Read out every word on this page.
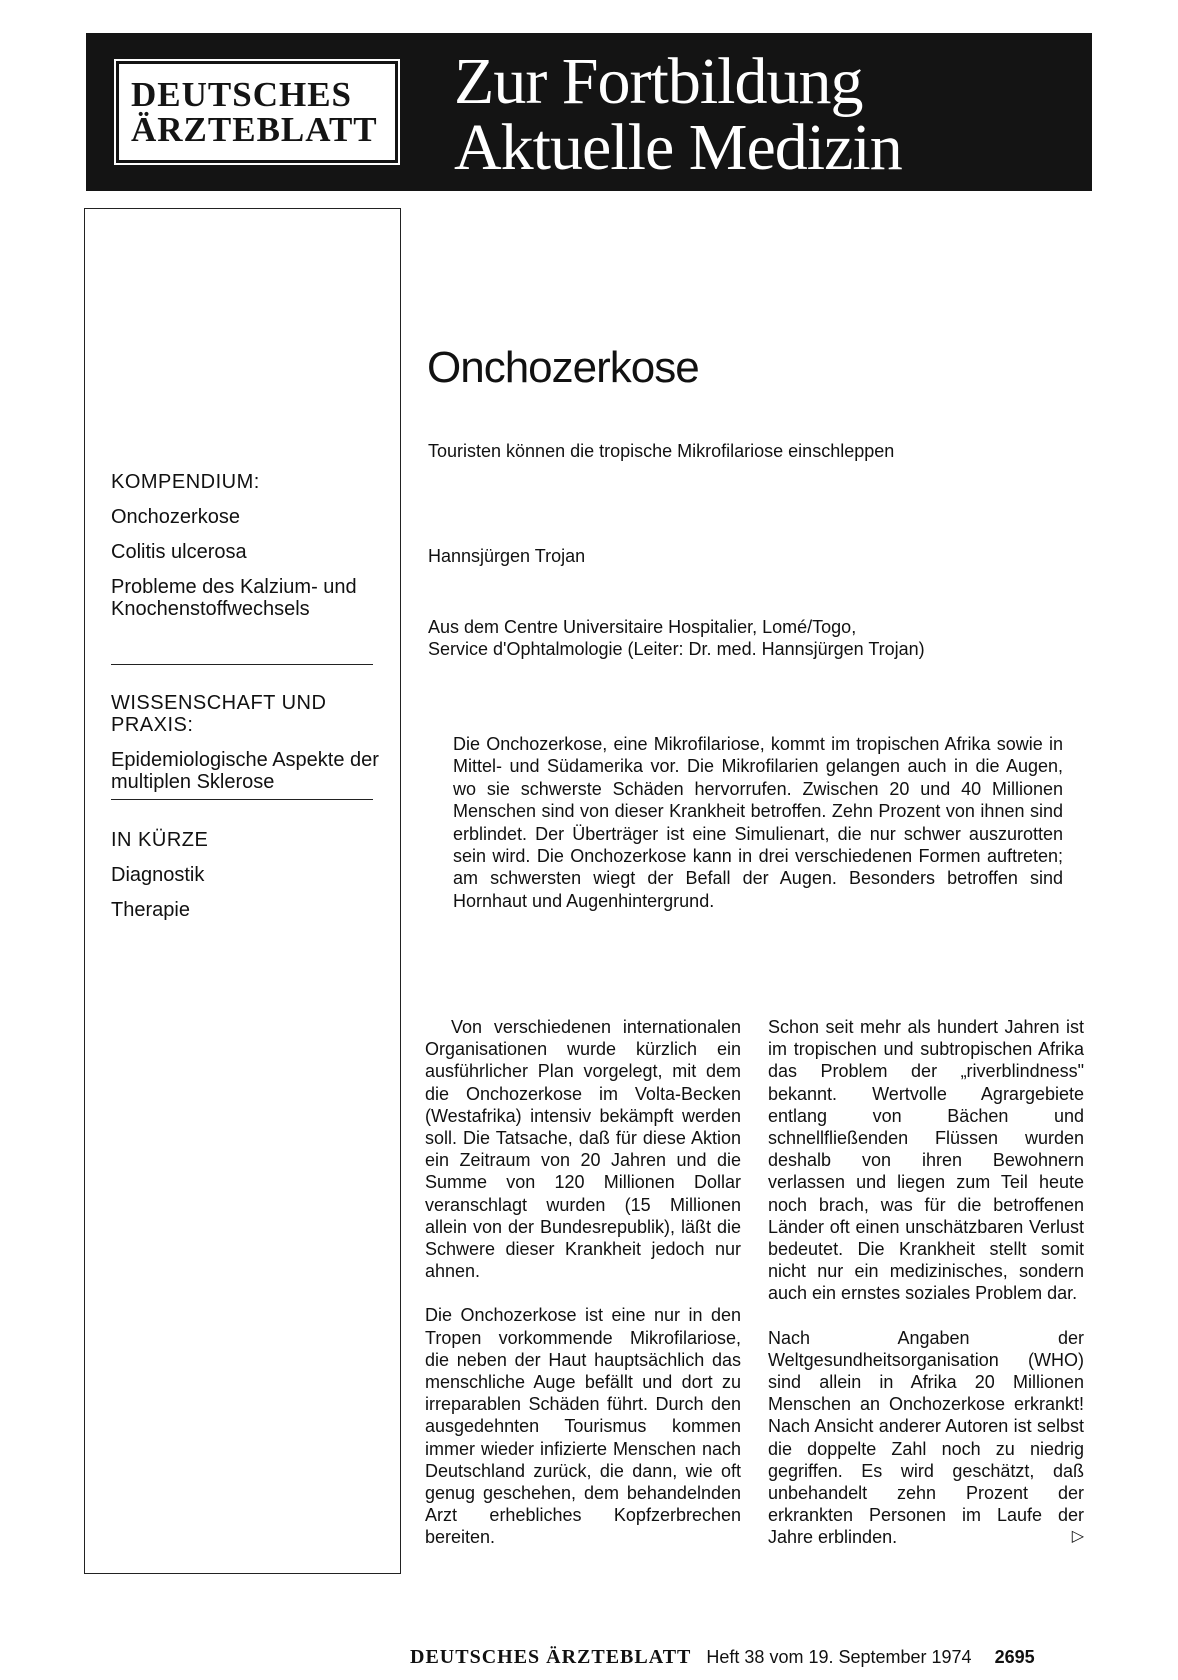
DEUTSCHES
ÄRZTEBLATT
Zur Fortbildung
Aktuelle Medizin
KOMPENDIUM:
Onchozerkose
Colitis ulcerosa
Probleme des Kalzium- und Knochenstoffwechsels
WISSENSCHAFT UND PRAXIS:
Epidemiologische Aspekte der multiplen Sklerose
IN KÜRZE
Diagnostik
Therapie
Onchozerkose
Touristen können die tropische Mikrofilariose einschleppen
Hannsjürgen Trojan
Aus dem Centre Universitaire Hospitalier, Lomé/Togo,
Service d'Ophtalmologie (Leiter: Dr. med. Hannsjürgen Trojan)
Die Onchozerkose, eine Mikrofilariose, kommt im tropischen Afrika sowie in Mittel- und Südamerika vor. Die Mikrofilarien gelangen auch in die Augen, wo sie schwerste Schäden hervorrufen. Zwischen 20 und 40 Millionen Menschen sind von dieser Krankheit betroffen. Zehn Prozent von ihnen sind erblindet. Der Überträger ist eine Simulienart, die nur schwer auszurotten sein wird. Die Onchozerkose kann in drei verschiedenen Formen auftreten; am schwersten wiegt der Befall der Augen. Besonders betroffen sind Hornhaut und Augenhintergrund.

Von verschiedenen internationalen Organisationen wurde kürzlich ein ausführlicher Plan vorgelegt, mit dem die Onchozerkose im Volta-Becken (Westafrika) intensiv bekämpft werden soll. Die Tatsache, daß für diese Aktion ein Zeitraum von 20 Jahren und die Summe von 120 Millionen Dollar veranschlagt wurden (15 Millionen allein von der Bundesrepublik), läßt die Schwere dieser Krankheit jedoch nur ahnen.

Die Onchozerkose ist eine nur in den Tropen vorkommende Mikrofilariose, die neben der Haut hauptsächlich das menschliche Auge befällt und dort zu irreparablen Schäden führt. Durch den ausgedehnten Tourismus kommen immer wieder infizierte Menschen nach Deutschland zurück, die dann, wie oft genug geschehen, dem behandelnden Arzt erhebliches Kopfzerbrechen bereiten.

Schon seit mehr als hundert Jahren ist im tropischen und subtropischen Afrika das Problem der „riverblindness" bekannt. Wertvolle Agrargebiete entlang von Bächen und schnellfließenden Flüssen wurden deshalb von ihren Bewohnern verlassen und liegen zum Teil heute noch brach, was für die betroffenen Länder oft einen unschätzbaren Verlust bedeutet. Die Krankheit stellt somit nicht nur ein medizinisches, sondern auch ein ernstes soziales Problem dar.

Nach Angaben der Weltgesundheitsorganisation (WHO) sind allein in Afrika 20 Millionen Menschen an Onchozerkose erkrankt! Nach Ansicht anderer Autoren ist selbst die doppelte Zahl noch zu niedrig gegriffen. Es wird geschätzt, daß unbehandelt zehn Prozent der erkrankten Personen im Laufe der Jahre erblinden.	▷

DEUTSCHES ÄRZTEBLATT Heft 38 vom 19. September 1974 2695
